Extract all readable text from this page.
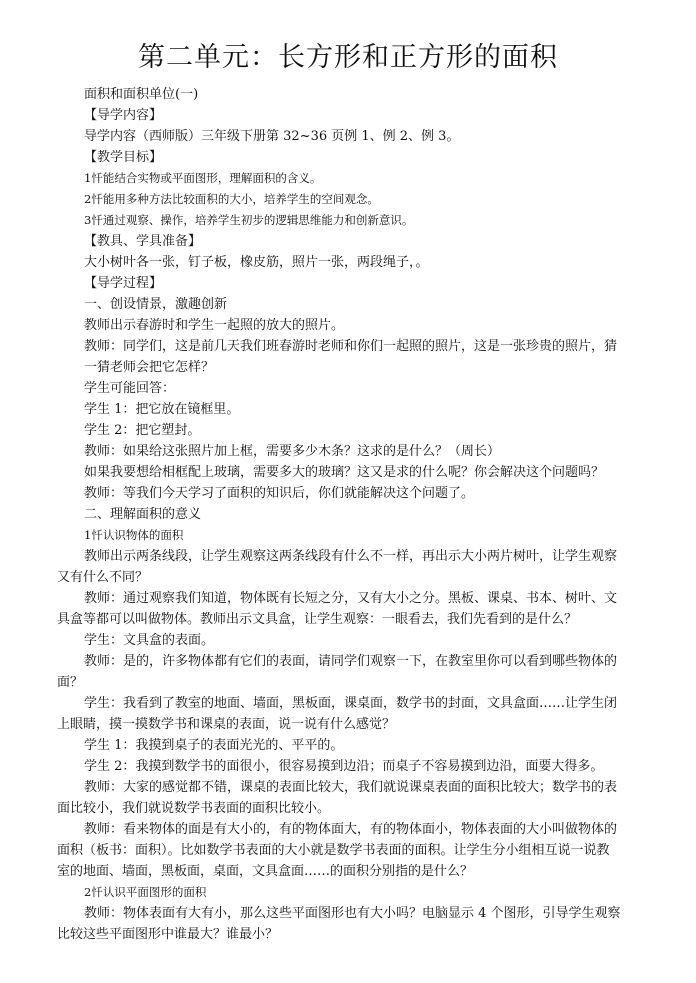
第二单元：长方形和正方形的面积
面积和面积单位(一)
【导学内容】
导学内容（西师版）三年级下册第 32~36 页例 1、例 2、例 3。
【教学目标】
1忏能结合实物或平面图形，理解面积的含义。
2忏能用多种方法比较面积的大小，培养学生的空间观念。
3忏通过观察、操作，培养学生初步的逻辑思维能力和创新意识。
【教具、学具准备】
大小树叶各一张，钉子板，橡皮筋，照片一张，两段绳子，。
【导学过程】
一、创设情景，激趣创新
教师出示春游时和学生一起照的放大的照片。
教师：同学们，这是前几天我们班春游时老师和你们一起照的照片，这是一张珍贵的照片，猜
一猜老师会把它怎样？
学生可能回答：
学生 1：把它放在镜框里。
学生 2：把它塑封。
教师：如果给这张照片加上框，需要多少木条？这求的是什么？（周长）
如果我要想给相框配上玻璃，需要多大的玻璃？这又是求的什么呢？你会解决这个问题吗？
教师：等我们今天学习了面积的知识后，你们就能解决这个问题了。
二、理解面积的意义
1忏认识物体的面积
教师出示两条线段，让学生观察这两条线段有什么不一样，再出示大小两片树叶，让学生观察
又有什么不同？
教师：通过观察我们知道，物体既有长短之分，又有大小之分。黑板、课桌、书本、树叶、文
具盒等都可以叫做物体。教师出示文具盒，让学生观察：一眼看去，我们先看到的是什么？
学生：文具盒的表面。
教师：是的，许多物体都有它们的表面，请同学们观察一下，在教室里你可以看到哪些物体的
面？
学生：我看到了教室的地面、墙面，黑板面，课桌面，数学书的封面，文具盒面……让学生闭
上眼睛，摸一摸数学书和课桌的表面，说一说有什么感觉？
学生 1：我摸到桌子的表面光光的、平平的。
学生 2：我摸到数学书的面很小，很容易摸到边沿；而桌子不容易摸到边沿，面要大得多。
教师：大家的感觉都不错，课桌的表面比较大，我们就说课桌表面的面积比较大；数学书的表
面比较小，我们就说数学书表面的面积比较小。
教师：看来物体的面是有大小的，有的物体面大，有的物体面小，物体表面的大小叫做物体的
面积（板书：面积）。比如数学书表面的大小就是数学书表面的面积。让学生分小组相互说一说教
室的地面、墙面，黑板面，桌面，文具盒面……的面积分别指的是什么？
2忏认识平面图形的面积
教师：物体表面有大有小，那么这些平面图形也有大小吗？电脑显示 4 个图形，引导学生观察
比较这些平面图形中谁最大？谁最小？
